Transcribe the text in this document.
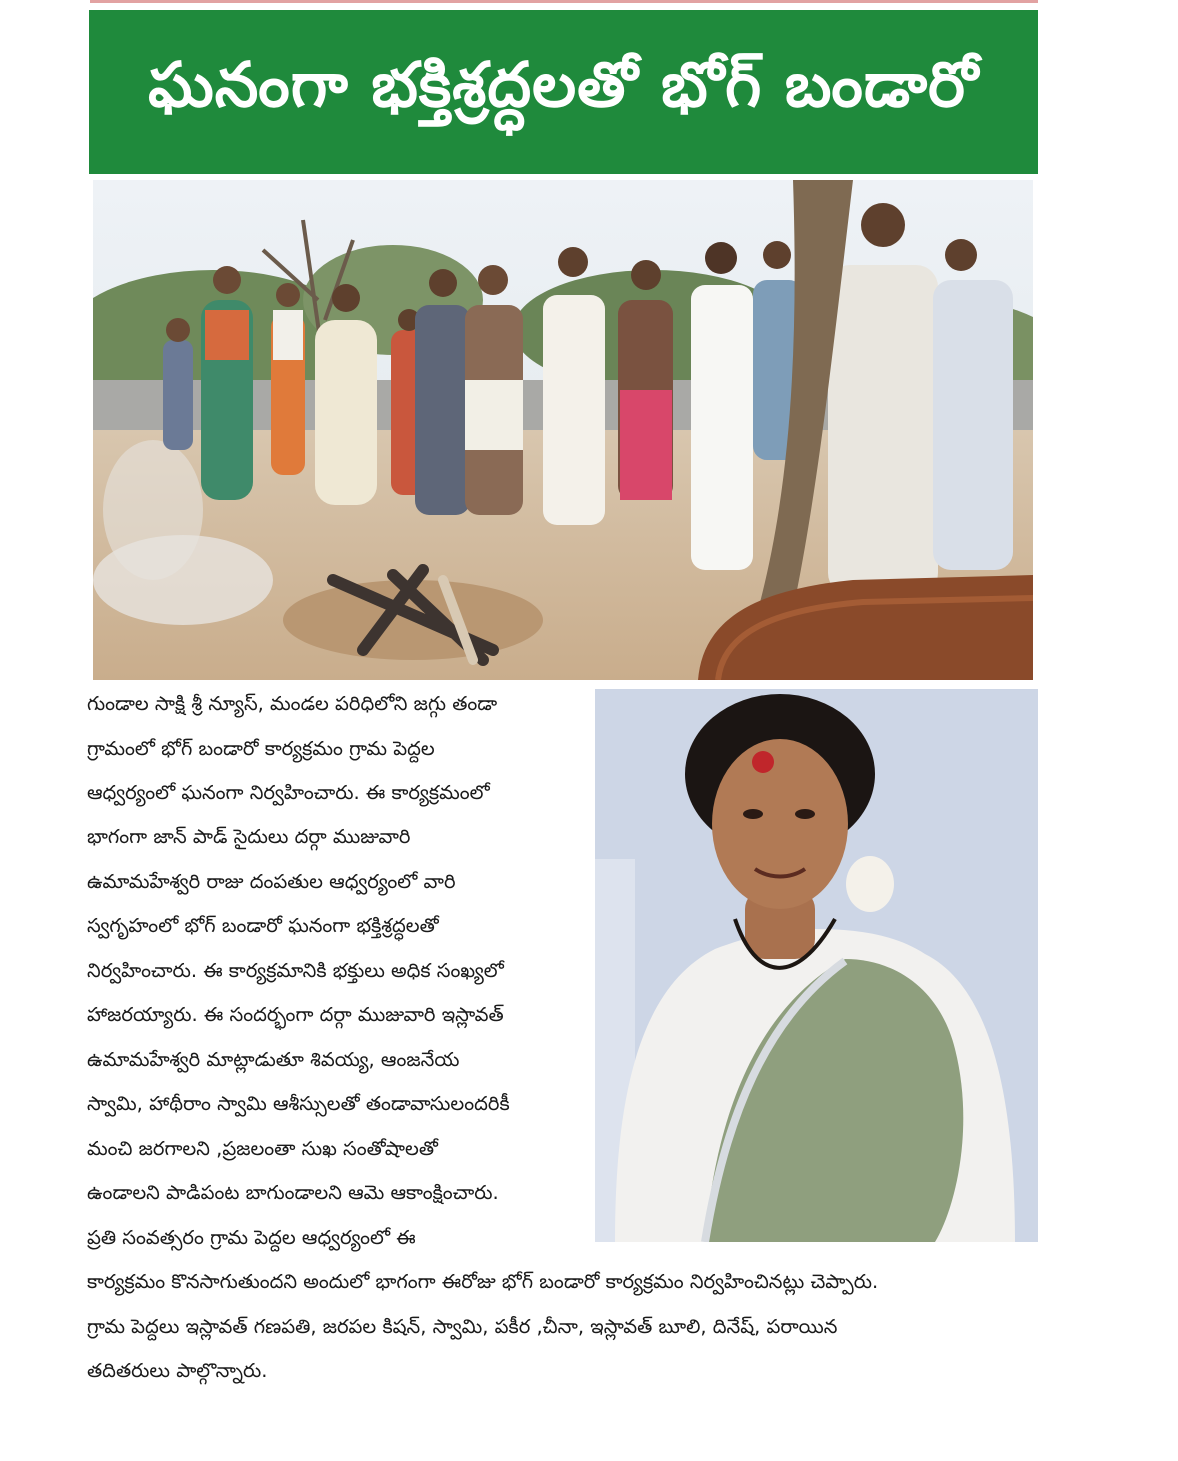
ఘనంగా భక్తిశ్రద్ధలతో భోగ్ బండారో

గుండాల సాక్షి శ్రీ న్యూస్, మండల పరిధిలోని జగ్గు తండా

గ్రామంలో భోగ్ బండారో కార్యక్రమం గ్రామ పెద్దల

ఆధ్వర్యంలో ఘనంగా నిర్వహించారు. ఈ కార్యక్రమంలో

భాగంగా జాన్ పాడ్ సైదులు దర్గా ముజువారి

ఉమామహేశ్వరి రాజు దంపతుల ఆధ్వర్యంలో వారి

స్వగృహంలో భోగ్ బండారో ఘనంగా భక్తిశ్రద్ధలతో

నిర్వహించారు. ఈ కార్యక్రమానికి భక్తులు అధిక సంఖ్యలో

హాజరయ్యారు. ఈ సందర్భంగా దర్గా ముజువారి ఇస్లావత్

ఉమామహేశ్వరి మాట్లాడుతూ శివయ్య, ఆంజనేయ

స్వామి, హాథీరాం స్వామి ఆశీస్సులతో తండావాసులందరికీ

మంచి జరగాలని ,ప్రజలంతా సుఖ సంతోషాలతో

ఉండాలని పాడిపంట బాగుండాలని ఆమె ఆకాంక్షించారు.

ప్రతి సంవత్సరం గ్రామ పెద్దల ఆధ్వర్యంలో ఈ

కార్యక్రమం కొనసాగుతుందని అందులో భాగంగా ఈరోజు భోగ్ బండారో కార్యక్రమం నిర్వహించినట్లు చెప్పారు.

గ్రామ పెద్దలు ఇస్లావత్ గణపతి, జరపల కిషన్, స్వామి, పకీర ,చీనా, ఇస్లావత్ బూలి, దినేష్, పరాయిన

తదితరులు పాల్గొన్నారు.
